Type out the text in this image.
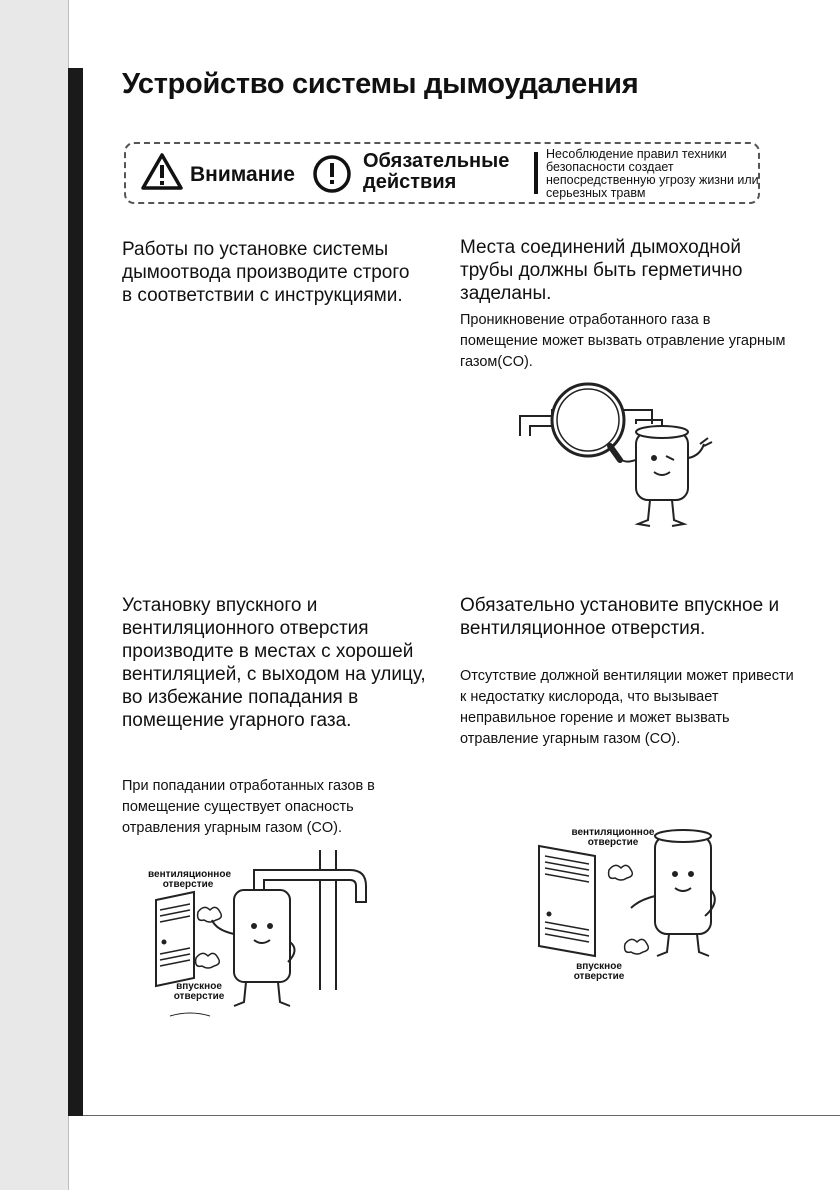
Устройство системы дымоудаления
Внимание
Обязательные
действия
Несоблюдение правил техники безопасности создает непосредственную угрозу жизни или серьезных травм

Работы по установке системы дымоотвода производите строго в соответствии с инструкциями.

Места соединений дымоходной трубы должны быть герметично заделаны.

Проникновение отработанного газа в помещение может вызвать отравление угарным газом(CO).

Установку впускного и вентиляционного отверстия производите в местах с хорошей вентиляцией, с выходом на улицу, во избежание попадания в помещение угарного газа.

При попадании отработанных газов в помещение существует опасность отравления угарным газом (CO).

вентиляционное отверстие
впускное отверстие

Обязательно установите впускное и вентиляционное отверстия.

Отсутствие должной вентиляции может привести к недостатку кислорода, что вызывает неправильное горение и может вызвать отравление угарным газом (CO).

вентиляционное отверстие
впускное отверстие
